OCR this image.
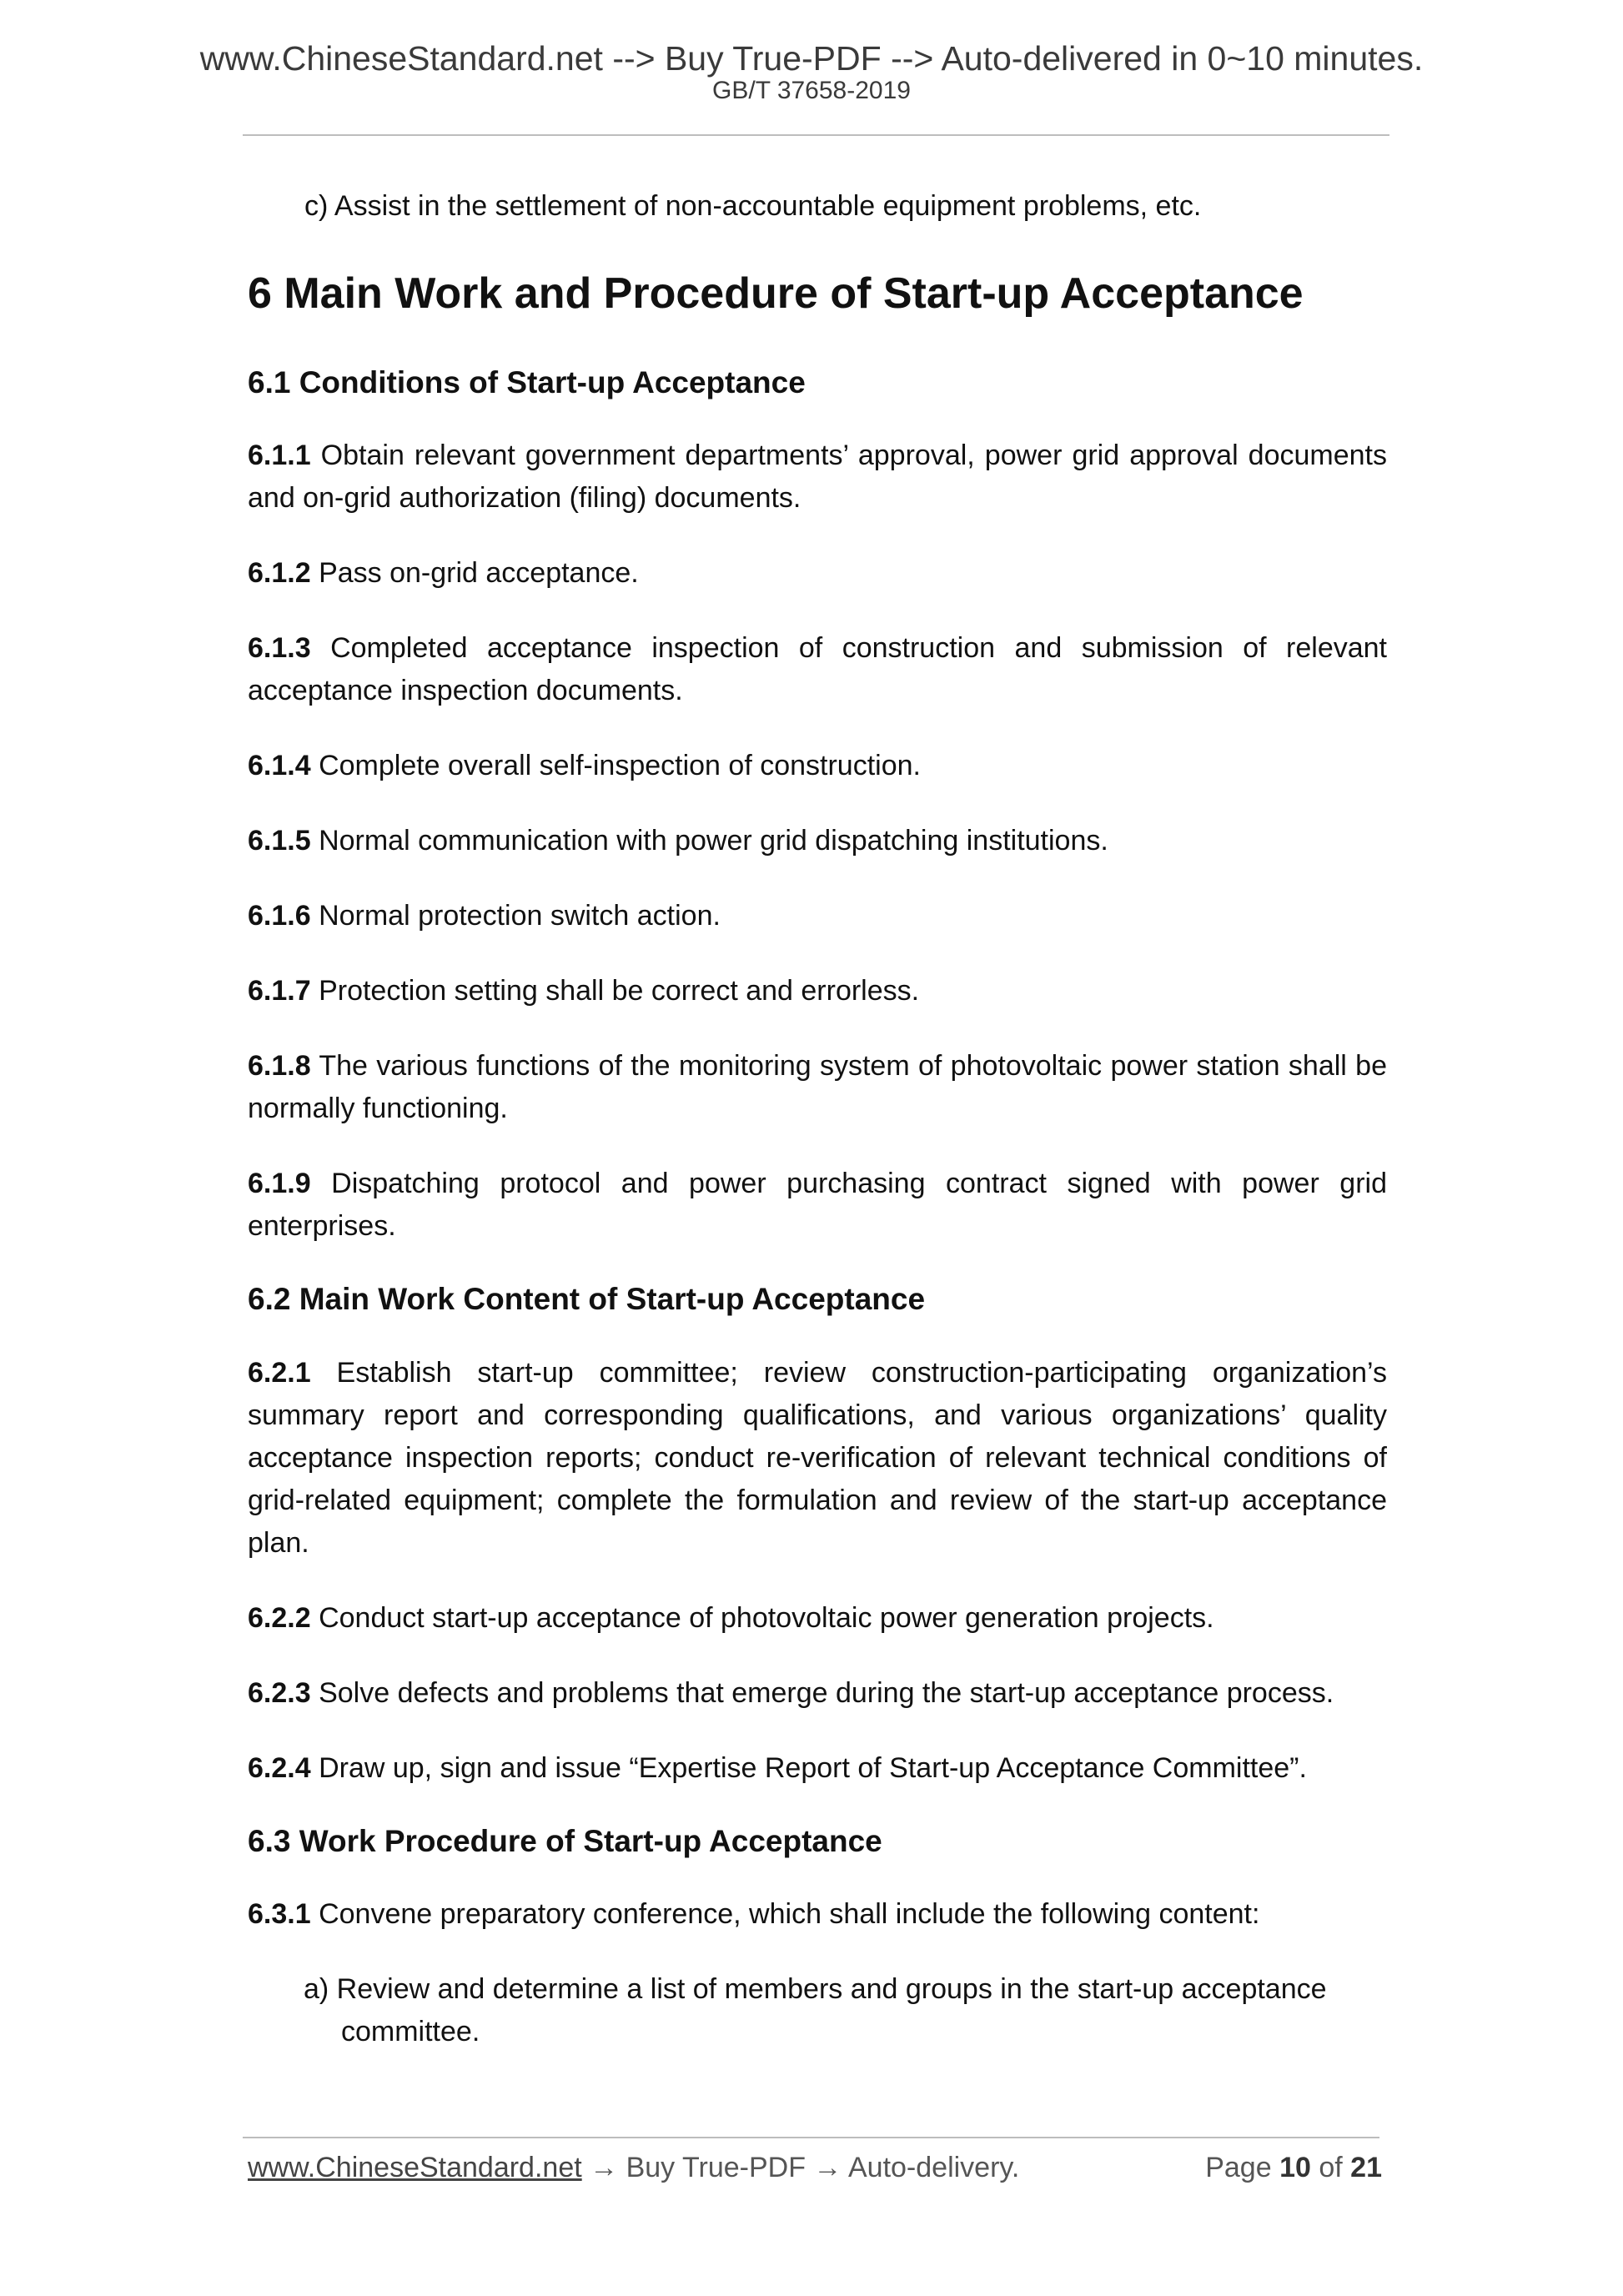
www.ChineseStandard.net --> Buy True-PDF --> Auto-delivered in 0~10 minutes.
GB/T 37658-2019

c) Assist in the settlement of non-accountable equipment problems, etc.

6 Main Work and Procedure of Start-up Acceptance
6.1 Conditions of Start-up Acceptance

6.1.1 Obtain relevant government departments’ approval, power grid approval documents and on-grid authorization (filing) documents.

6.1.2 Pass on-grid acceptance.

6.1.3 Completed acceptance inspection of construction and submission of relevant acceptance inspection documents.

6.1.4 Complete overall self-inspection of construction.

6.1.5 Normal communication with power grid dispatching institutions.

6.1.6 Normal protection switch action.

6.1.7 Protection setting shall be correct and errorless.

6.1.8 The various functions of the monitoring system of photovoltaic power station shall be normally functioning.

6.1.9 Dispatching protocol and power purchasing contract signed with power grid enterprises.

6.2 Main Work Content of Start-up Acceptance

6.2.1 Establish start-up committee; review construction-participating organization’s summary report and corresponding qualifications, and various organizations’ quality acceptance inspection reports; conduct re-verification of relevant technical conditions of grid-related equipment; complete the formulation and review of the start-up acceptance plan.

6.2.2 Conduct start-up acceptance of photovoltaic power generation projects.

6.2.3 Solve defects and problems that emerge during the start-up acceptance process.

6.2.4 Draw up, sign and issue “Expertise Report of Start-up Acceptance Committee”.

6.3 Work Procedure of Start-up Acceptance

6.3.1 Convene preparatory conference, which shall include the following content:

a) Review and determine a list of members and groups in the start-up acceptance committee.

www.ChineseStandard.net → Buy True-PDF → Auto-delivery.	Page 10 of 21
